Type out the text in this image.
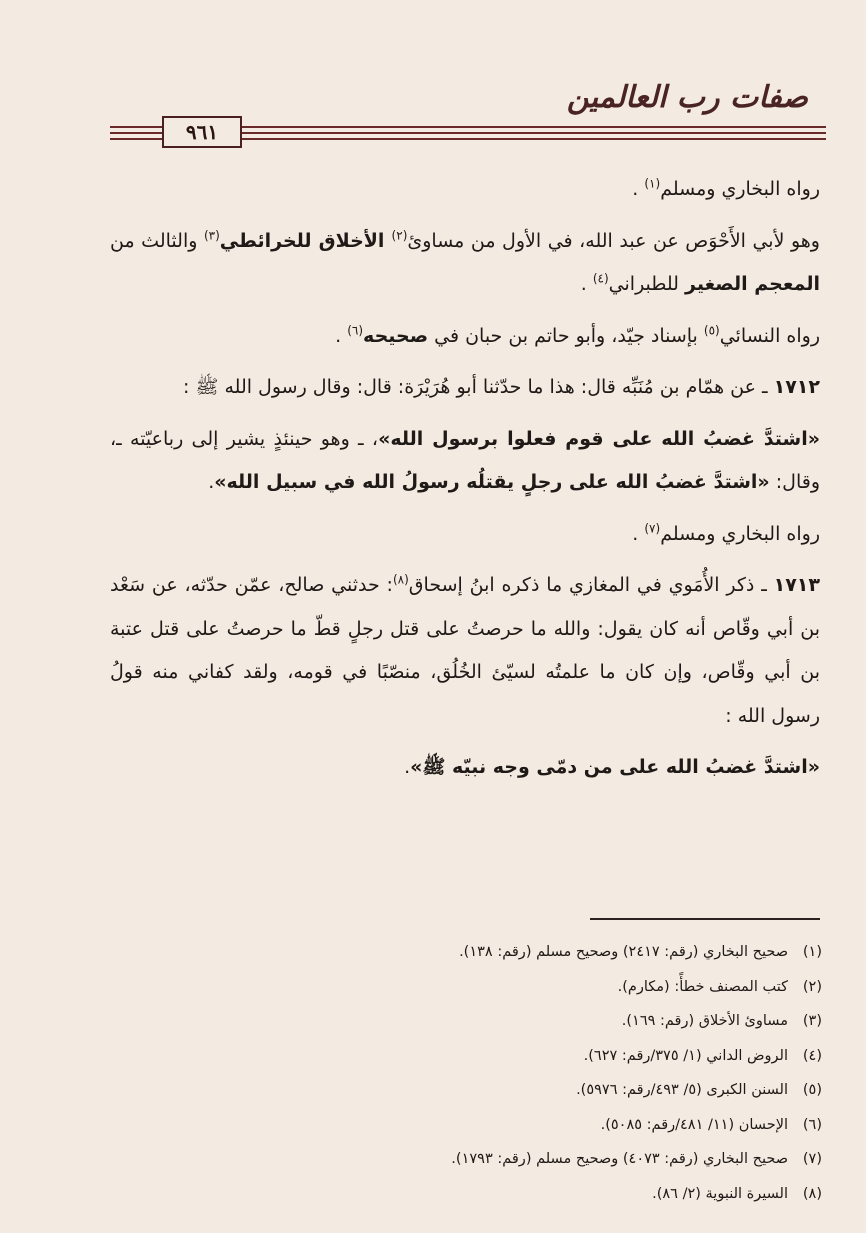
صفات رب العالمين
٩٦١

رواه البخاري ومسلم$^{(١)}$ .

وهو لأبي الأَحْوَص عن عبد الله، في الأول من مساوئ$^{(٢)}$ الأخلاق للخرائطي$^{(٣)}$ والثالث من المعجم الصغير للطبراني$^{(٤)}$ .

رواه النسائي$^{(٥)}$ بإسناد جيّد، وأبو حاتم بن حبان في صحيحه$^{(٦)}$ .

١٧١٢ ـ عن همّام بن مُنَبِّه قال: هذا ما حدّثنا أبو هُرَيْرَة: قال: وقال رسول الله ﷺ :

«اشتدَّ غضبُ الله على قوم فعلوا برسول الله»، ـ وهو حينئذٍ يشير إلى رباعيّته ـ، وقال: «اشتدَّ غضبُ الله على رجلٍ يقتلُه رسولُ الله في سبيل الله».

رواه البخاري ومسلم$^{(٧)}$ .

١٧١٣ ـ ذكر الأُمَوي في المغازي ما ذكره ابنُ إسحاق$^{(٨)}$: حدثني صالح، عمّن حدّثه، عن سَعْد بن أبي وقّاص أنه كان يقول: والله ما حرصتُ على قتل رجلٍ قطّ ما حرصتُ على قتل عتبة بن أبي وقّاص، وإن كان ما علمتُه لسيّئ الخُلُق، منصّبًا في قومه، ولقد كفاني منه قولُ رسول الله :

«اشتدَّ غضبُ الله على من دمّى وجه نبيّه ﷺ».

(١)صحيح البخاري (رقم: ٢٤١٧) وصحيح مسلم (رقم: ١٣٨).
(٢)كتب المصنف خطأً: (مكارم).
(٣)مساوئ الأخلاق (رقم: ١٦٩).
(٤)الروض الداني (١/ ٣٧٥/رقم: ٦٢٧).
(٥)السنن الكبرى (٥/ ٤٩٣/رقم: ٥٩٧٦).
(٦)الإحسان (١١/ ٤٨١/رقم: ٥٠٨٥).
(٧)صحيح البخاري (رقم: ٤٠٧٣) وصحيح مسلم (رقم: ١٧٩٣).
(٨)السيرة النبوية (٢/ ٨٦).
